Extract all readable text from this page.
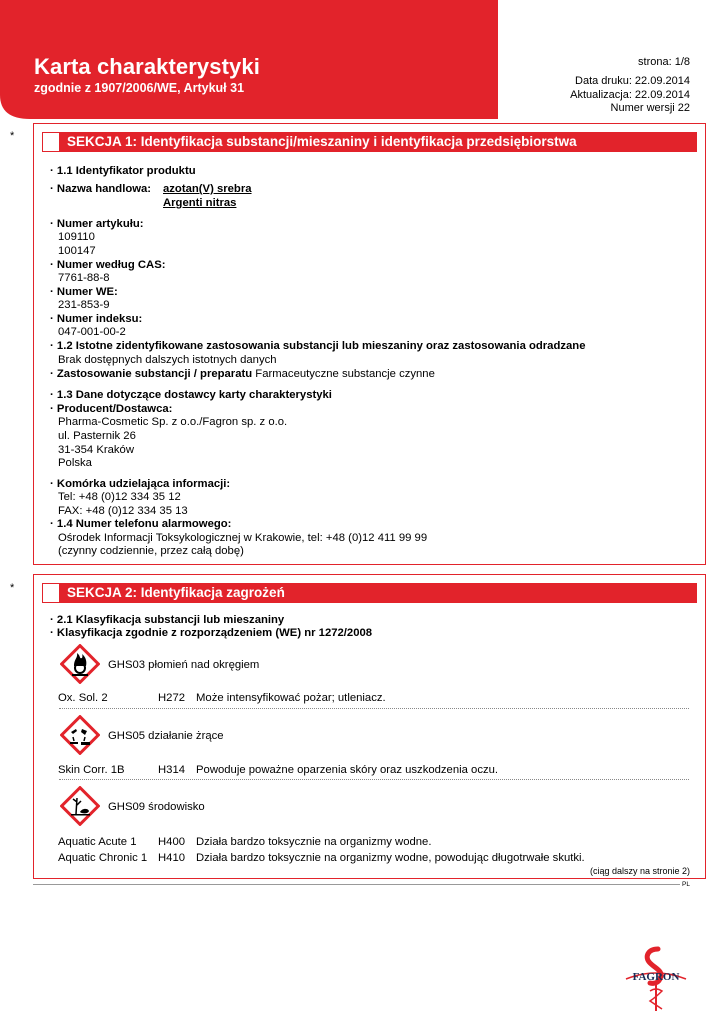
Karta charakterystyki
zgodnie z 1907/2006/WE, Artykuł 31
strona: 1/8
Data druku: 22.09.2014
Aktualizacja: 22.09.2014
Numer wersji 22
*	SEKCJA 1: Identyfikacja substancji/mieszaniny i identyfikacja przedsiębiorstwa
· 1.1 Identyfikator produktu
· Nazwa handlowa: azotan(V) srebra
Argenti nitras
· Numer artykułu:
109110
100147
· Numer według CAS:
7761-88-8
· Numer WE:
231-853-9
· Numer indeksu:
047-001-00-2
· 1.2 Istotne zidentyfikowane zastosowania substancji lub mieszaniny oraz zastosowania odradzane
Brak dostępnych dalszych istotnych danych
· Zastosowanie substancji / preparatu Farmaceutyczne substancje czynne
· 1.3 Dane dotyczące dostawcy karty charakterystyki
· Producent/Dostawca:
Pharma-Cosmetic Sp. z o.o./Fagron sp. z o.o.
ul. Pasternik 26
31-354 Kraków
Polska
· Komórka udzielająca informacji:
Tel: +48 (0)12 334 35 12
FAX: +48 (0)12 334 35 13
· 1.4 Numer telefonu alarmowego:
Ośrodek Informacji Toksykologicznej w Krakowie, tel: +48 (0)12 411 99 99
(czynny codziennie, przez całą dobę)
*	SEKCJA 2: Identyfikacja zagrożeń
· 2.1 Klasyfikacja substancji lub mieszaniny
· Klasyfikacja zgodnie z rozporządzeniem (WE) nr 1272/2008
GHS03 płomień nad okręgiem
Ox. Sol. 2	H272 Może intensyfikować pożar; utleniacz.
GHS05 działanie żrące
Skin Corr. 1B	H314 Powoduje poważne oparzenia skóry oraz uszkodzenia oczu.
GHS09 środowisko
Aquatic Acute 1 H400 Działa bardzo toksycznie na organizmy wodne.
Aquatic Chronic 1 H410 Działa bardzo toksycznie na organizmy wodne, powodując długotrwałe skutki.
(ciąg dalszy na stronie 2)
PL
FAGRON
